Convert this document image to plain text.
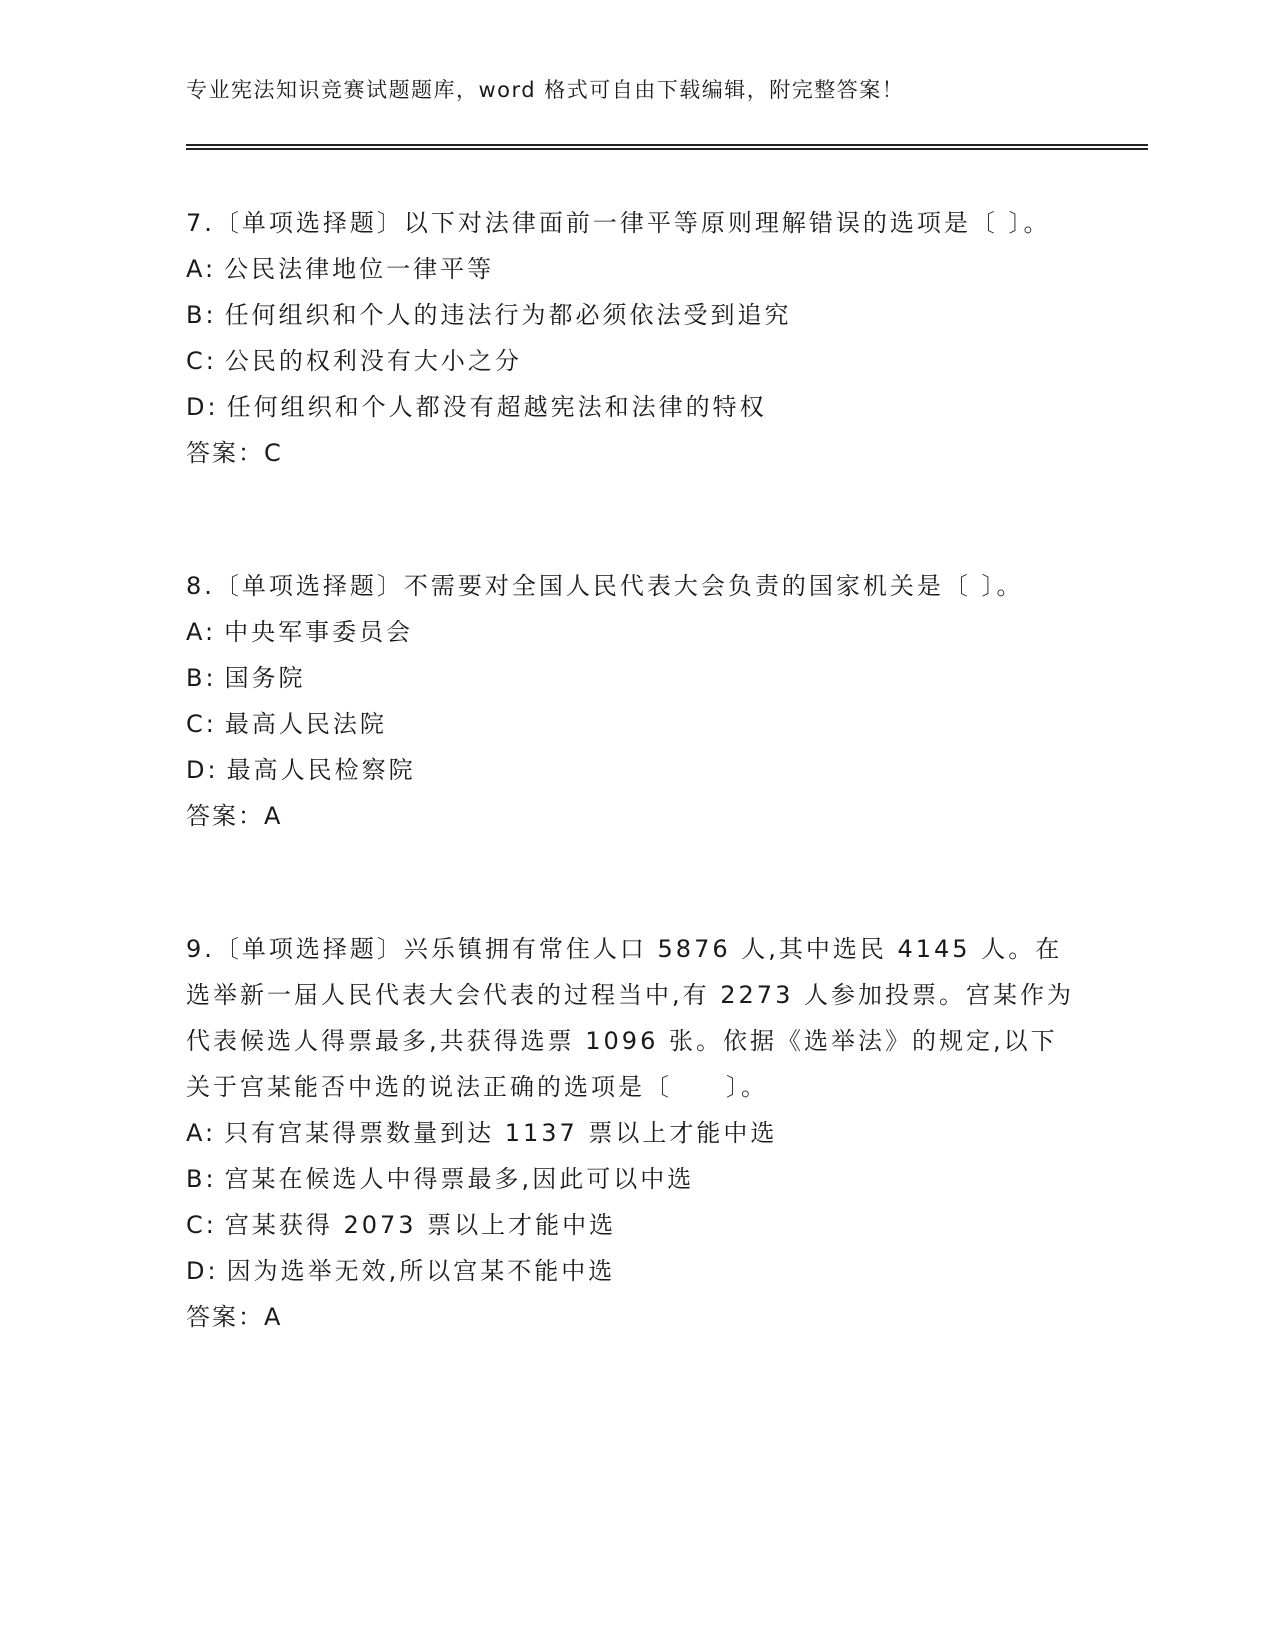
专业宪法知识竞赛试题题库，word 格式可自由下载编辑，附完整答案！

7.〔单项选择题〕以下对法律面前一律平等原则理解错误的选项是〔 〕。

A: 公民法律地位一律平等

B: 任何组织和个人的违法行为都必须依法受到追究

C: 公民的权利没有大小之分

D: 任何组织和个人都没有超越宪法和法律的特权

答案：C

8.〔单项选择题〕不需要对全国人民代表大会负责的国家机关是〔 〕。

A: 中央军事委员会

B: 国务院

C: 最高人民法院

D: 最高人民检察院

答案：A

9.〔单项选择题〕兴乐镇拥有常住人口 5876 人,其中选民 4145 人。在选举新一届人民代表大会代表的过程当中,有 2273 人参加投票。宫某作为代表候选人得票最多,共获得选票 1096 张。依据《选举法》的规定,以下关于宫某能否中选的说法正确的选项是〔　　〕。

A: 只有宫某得票数量到达 1137 票以上才能中选

B: 宫某在候选人中得票最多,因此可以中选

C: 宫某获得 2073 票以上才能中选

D: 因为选举无效,所以宫某不能中选

答案：A
